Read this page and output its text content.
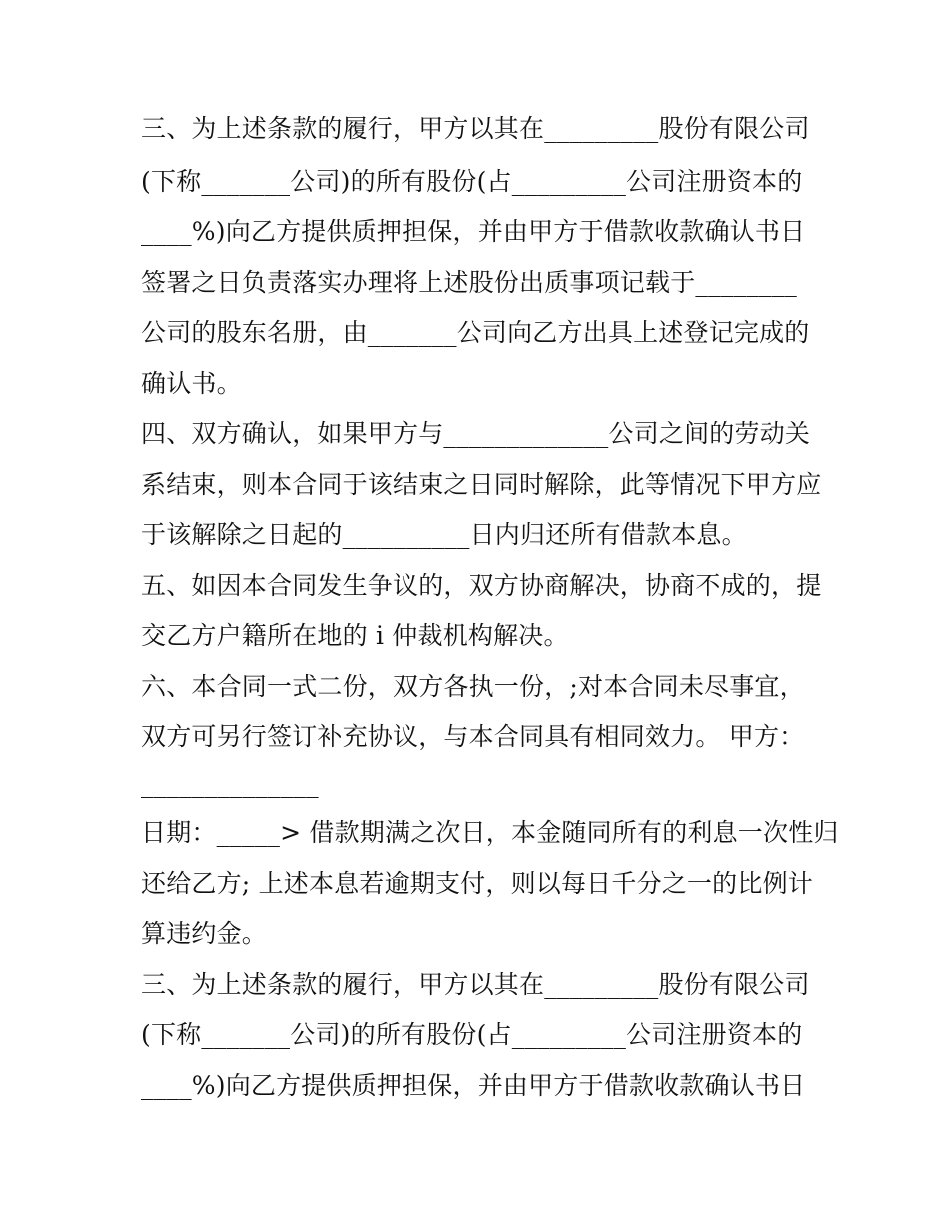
三、为上述条款的履行，甲方以其在_________股份有限公司
(下称_______公司)的所有股份(占_________公司注册资本的
____%)向乙方提供质押担保，并由甲方于借款收款确认书日
签署之日负责落实办理将上述股份出质事项记载于________
公司的股东名册，由_______公司向乙方出具上述登记完成的
确认书。
四、双方确认，如果甲方与_____________公司之间的劳动关
系结束，则本合同于该结束之日同时解除，此等情况下甲方应
于该解除之日起的__________日内归还所有借款本息。
五、如因本合同发生争议的，双方协商解决，协商不成的，提
交乙方户籍所在地的 i 仲裁机构解决。
六、本合同一式二份，双方各执一份，;对本合同未尽事宜，
双方可另行签订补充协议，与本合同具有相同效力。 甲方：
______________
日期：_____> 借款期满之次日，本金随同所有的利息一次性归
还给乙方; 上述本息若逾期支付，则以每日千分之一的比例计
算违约金。
三、为上述条款的履行，甲方以其在_________股份有限公司
(下称_______公司)的所有股份(占_________公司注册资本的
____%)向乙方提供质押担保，并由甲方于借款收款确认书日
